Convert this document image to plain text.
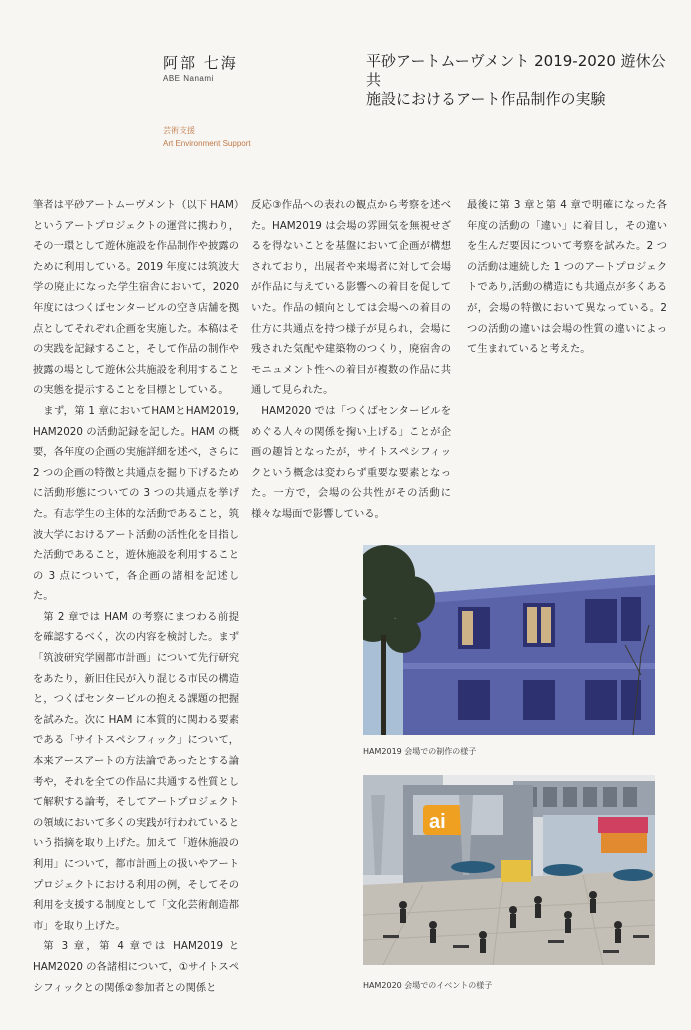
阿部 七海
ABE Nanami
平砂アートムーヴメント 2019-2020 遊休公共
施設におけるアート作品制作の実験
芸術支援
Art Environment Support

筆者は平砂アートムーヴメント（以下 HAM）というアートプロジェクトの運営に携わり，その一環として遊休施設を作品制作や披露のために利用している。2019 年度には筑波大学の廃止になった学生宿舎において，2020 年度にはつくばセンタービルの空き店舗を拠点としてそれぞれ企画を実施した。本稿はその実践を記録すること，そして作品の制作や披露の場として遊休公共施設を利用することの実態を提示することを目標としている。

まず，第 1 章においてHAMとHAM2019, HAM2020 の活動記録を記した。HAM の概要，各年度の企画の実施詳細を述べ，さらに 2 つの企画の特徴と共通点を掘り下げるために活動形態についての 3 つの共通点を挙げた。有志学生の主体的な活動であること，筑波大学におけるアート活動の活性化を目指した活動であること，遊休施設を利用することの 3 点について，各企画の諸相を記述した。

第 2 章では HAM の考察にまつわる前提を確認するべく，次の内容を検討した。まず「筑波研究学園都市計画」について先行研究をあたり，新旧住民が入り混じる市民の構造と，つくばセンタービルの抱える課題の把握を試みた。次に HAM に本質的に関わる要素である「サイトスペシフィック」について，本来アースアートの方法論であったとする論考や，それを全ての作品に共通する性質として解釈する論考，そしてアートプロジェクトの領域において多くの実践が行われているという指摘を取り上げた。加えて「遊休施設の利用」について，都市計画上の扱いやアートプロジェクトにおける利用の例，そしてその利用を支援する制度として「文化芸術創造都市」を取り上げた。

第 3 章，第 4 章では HAM2019 と HAM2020 の各諸相について，①サイトスペシフィックとの関係②参加者との関係と

反応③作品への表れの観点から考察を述べた。HAM2019 は会場の雰囲気を無視せざるを得ないことを基盤において企画が構想されており，出展者や来場者に対して会場が作品に与えている影響への着目を促していた。作品の傾向としては会場への着目の仕方に共通点を持つ様子が見られ，会場に残された気配や建築物のつくり，廃宿舎のモニュメント性への着目が複数の作品に共通して見られた。

HAM2020 では「つくばセンタービルをめぐる人々の関係を掬い上げる」ことが企画の趣旨となったが，サイトスペシフィックという概念は変わらず重要な要素となった。一方で，会場の公共性がその活動に様々な場面で影響している。

最後に第 3 章と第 4 章で明確になった各年度の活動の「違い」に着目し，その違いを生んだ要因について考察を試みた。2 つの活動は連続した 1 つのアートプロジェクトであり,活動の構造にも共通点が多くあるが，会場の特徴において異なっている。2 つの活動の違いは会場の性質の違いによって生まれていると考えた。

HAM2019 会場での制作の様子
ai
HAM2020 会場でのイベントの様子
